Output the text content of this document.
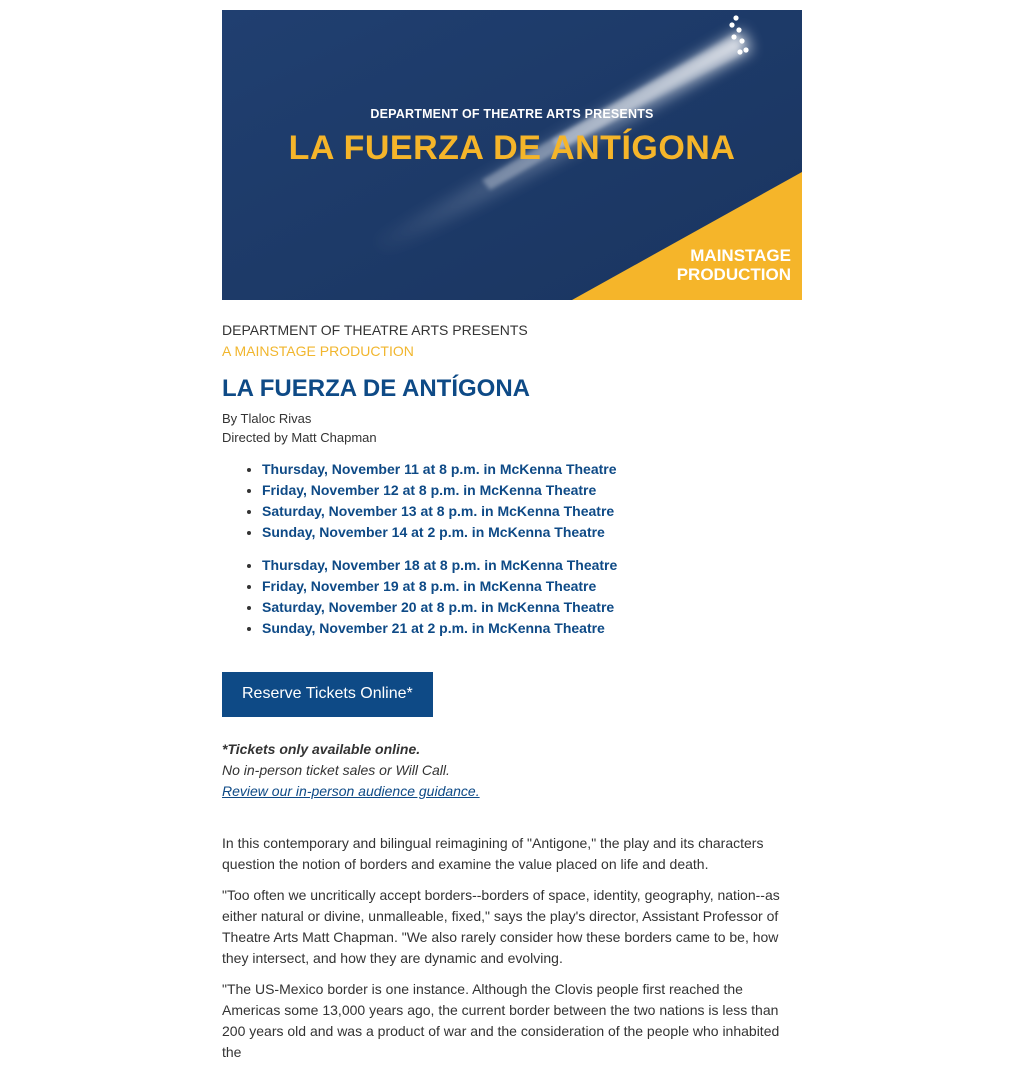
DEPARTMENT OF THEATRE ARTS PRESENTS
LA FUERZA DE ANTÍGONA
MAINSTAGE
PRODUCTION

DEPARTMENT OF THEATRE ARTS PRESENTS

A MAINSTAGE PRODUCTION

LA FUERZA DE ANTÍGONA

By Tlaloc Rivas

Directed by Matt Chapman

• Thursday, November 11 at 8 p.m. in McKenna Theatre
• Friday, November 12 at 8 p.m. in McKenna Theatre
• Saturday, November 13 at 8 p.m. in McKenna Theatre
• Sunday, November 14 at 2 p.m. in McKenna Theatre
• Thursday, November 18 at 8 p.m. in McKenna Theatre
• Friday, November 19 at 8 p.m. in McKenna Theatre
• Saturday, November 20 at 8 p.m. in McKenna Theatre
• Sunday, November 21 at 2 p.m. in McKenna Theatre
Reserve Tickets Online*
*Tickets only available online.
No in-person ticket sales or Will Call.
Review our in-person audience guidance.

In this contemporary and bilingual reimagining of "Antigone," the play and its characters question the notion of borders and examine the value placed on life and death.

"Too often we uncritically accept borders--borders of space, identity, geography, nation--as either natural or divine, unmalleable, fixed," says the play's director, Assistant Professor of Theatre Arts Matt Chapman. "We also rarely consider how these borders came to be, how they intersect, and how they are dynamic and evolving.

"The US-Mexico border is one instance. Although the Clovis people first reached the Americas some 13,000 years ago, the current border between the two nations is less than 200 years old and was a product of war and the consideration of the people who inhabited the
